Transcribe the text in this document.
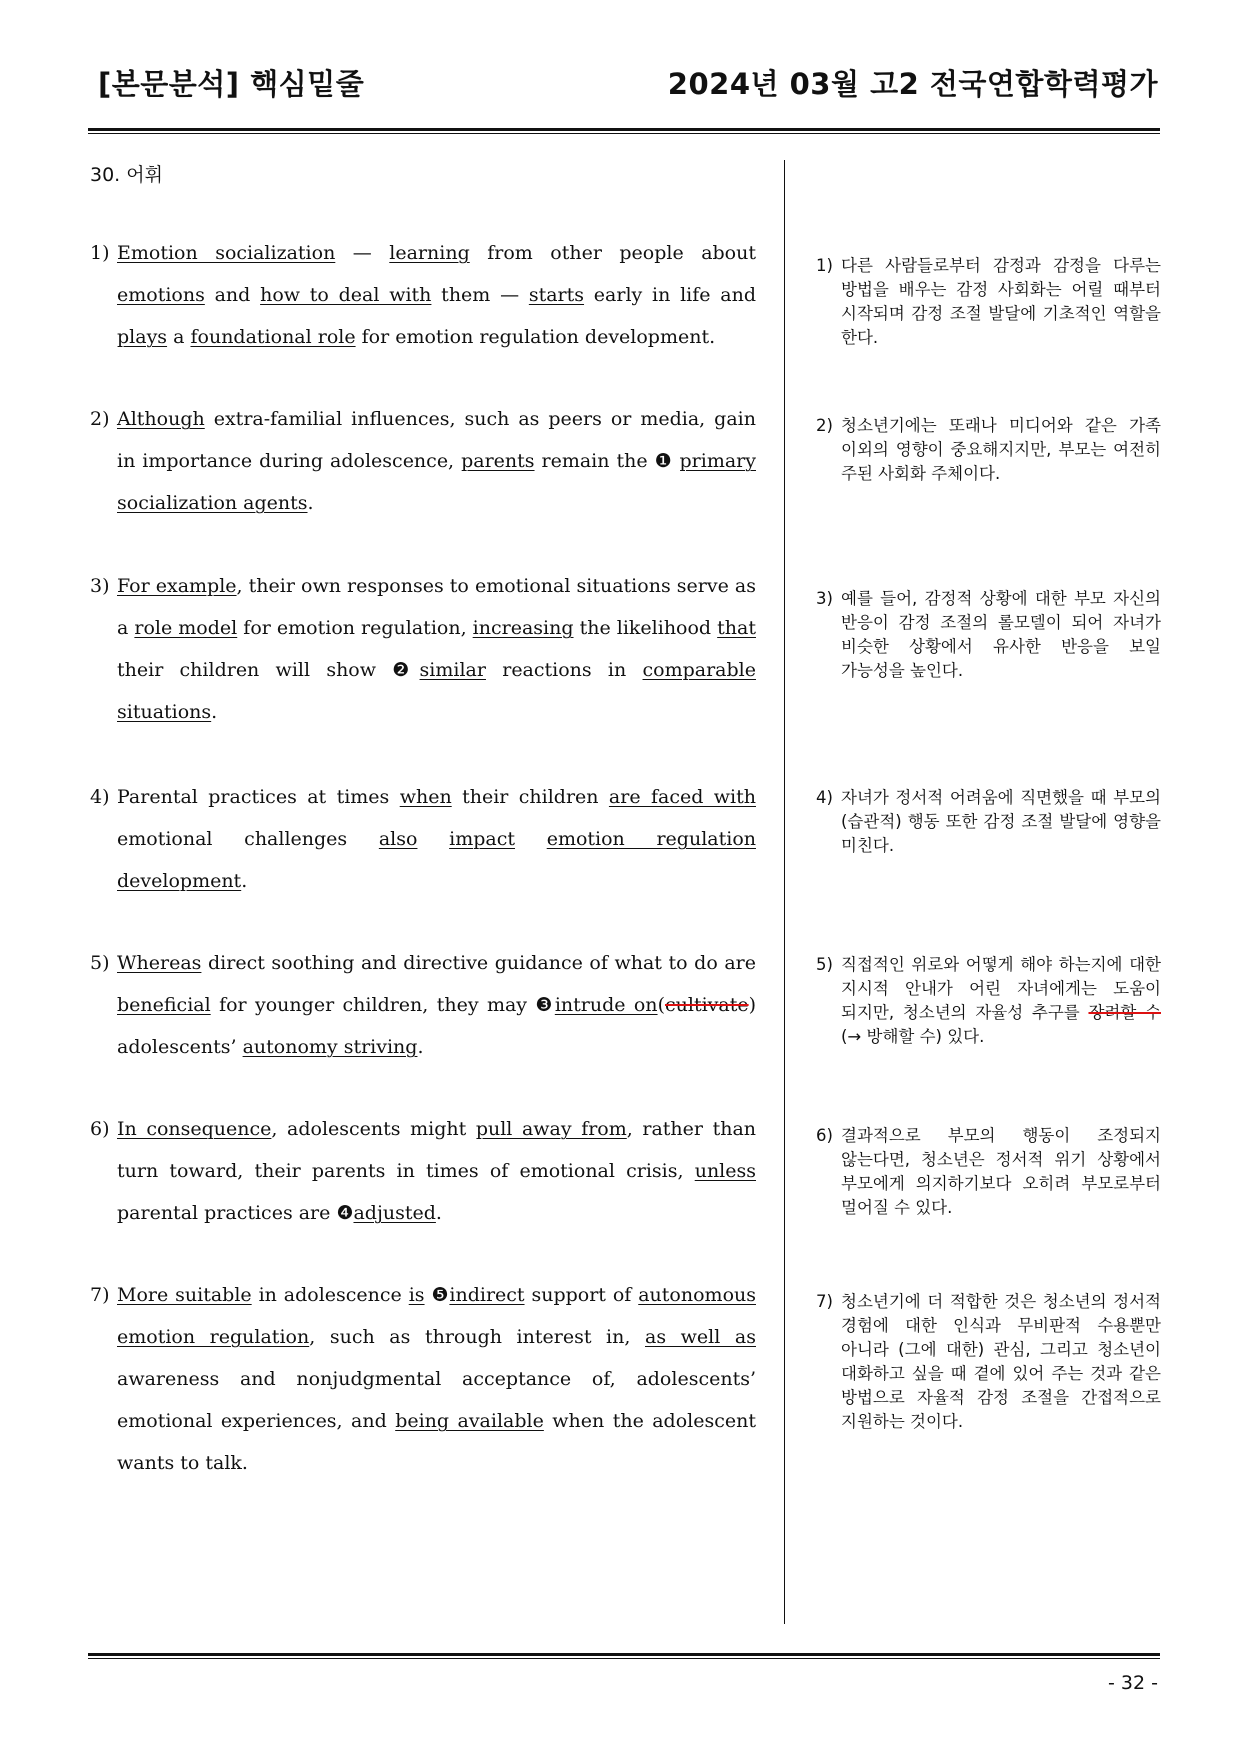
[본문분석] 핵심밑줄	2024년 03월 고2 전국연합학력평가
30. 어휘
1) Emotion socialization — learning from other people about emotions and how to deal with them — starts early in life and plays a foundational role for emotion regulation development.
1) 다른 사람들로부터 감정과 감정을 다루는 방법을 배우는 감정 사회화는 어릴 때부터 시작되며 감정 조절 발달에 기초적인 역할을 한다.
2) Although extra-familial influences, such as peers or media, gain in importance during adolescence, parents remain the ❶ primary socialization agents.
2) 청소년기에는 또래나 미디어와 같은 가족 이외의 영향이 중요해지지만, 부모는 여전히 주된 사회화 주체이다.
3) For example, their own responses to emotional situations serve as a role model for emotion regulation, increasing the likelihood that their children will show ❷similar reactions in comparable situations.
3) 예를 들어, 감정적 상황에 대한 부모 자신의 반응이 감정 조절의 롤모델이 되어 자녀가 비슷한 상황에서 유사한 반응을 보일 가능성을 높인다.
4) Parental practices at times when their children are faced with emotional challenges also impact emotion regulation development.
4) 자녀가 정서적 어려움에 직면했을 때 부모의 (습관적) 행동 또한 감정 조절 발달에 영향을 미친다.
5) Whereas direct soothing and directive guidance of what to do are beneficial for younger children, they may ❸intrude on(cultivate) adolescents’ autonomy striving.
5) 직접적인 위로와 어떻게 해야 하는지에 대한 지시적 안내가 어린 자녀에게는 도움이 되지만, 청소년의 자율성 추구를 장려할 수(→ 방해할 수) 있다.
6) In consequence, adolescents might pull away from, rather than turn toward, their parents in times of emotional crisis, unless parental practices are ❹adjusted.
6) 결과적으로 부모의 행동이 조정되지 않는다면, 청소년은 정서적 위기 상황에서 부모에게 의지하기보다 오히려 부모로부터 멀어질 수 있다.
7) More suitable in adolescence is ❺indirect support of autonomous emotion regulation, such as through interest in, as well as awareness and nonjudgmental acceptance of, adolescents’ emotional experiences, and being available when the adolescent wants to talk.
7) 청소년기에 더 적합한 것은 청소년의 정서적 경험에 대한 인식과 무비판적 수용뿐만 아니라 (그에 대한) 관심, 그리고 청소년이 대화하고 싶을 때 곁에 있어 주는 것과 같은 방법으로 자율적 감정 조절을 간접적으로 지원하는 것이다.
- 32 -
